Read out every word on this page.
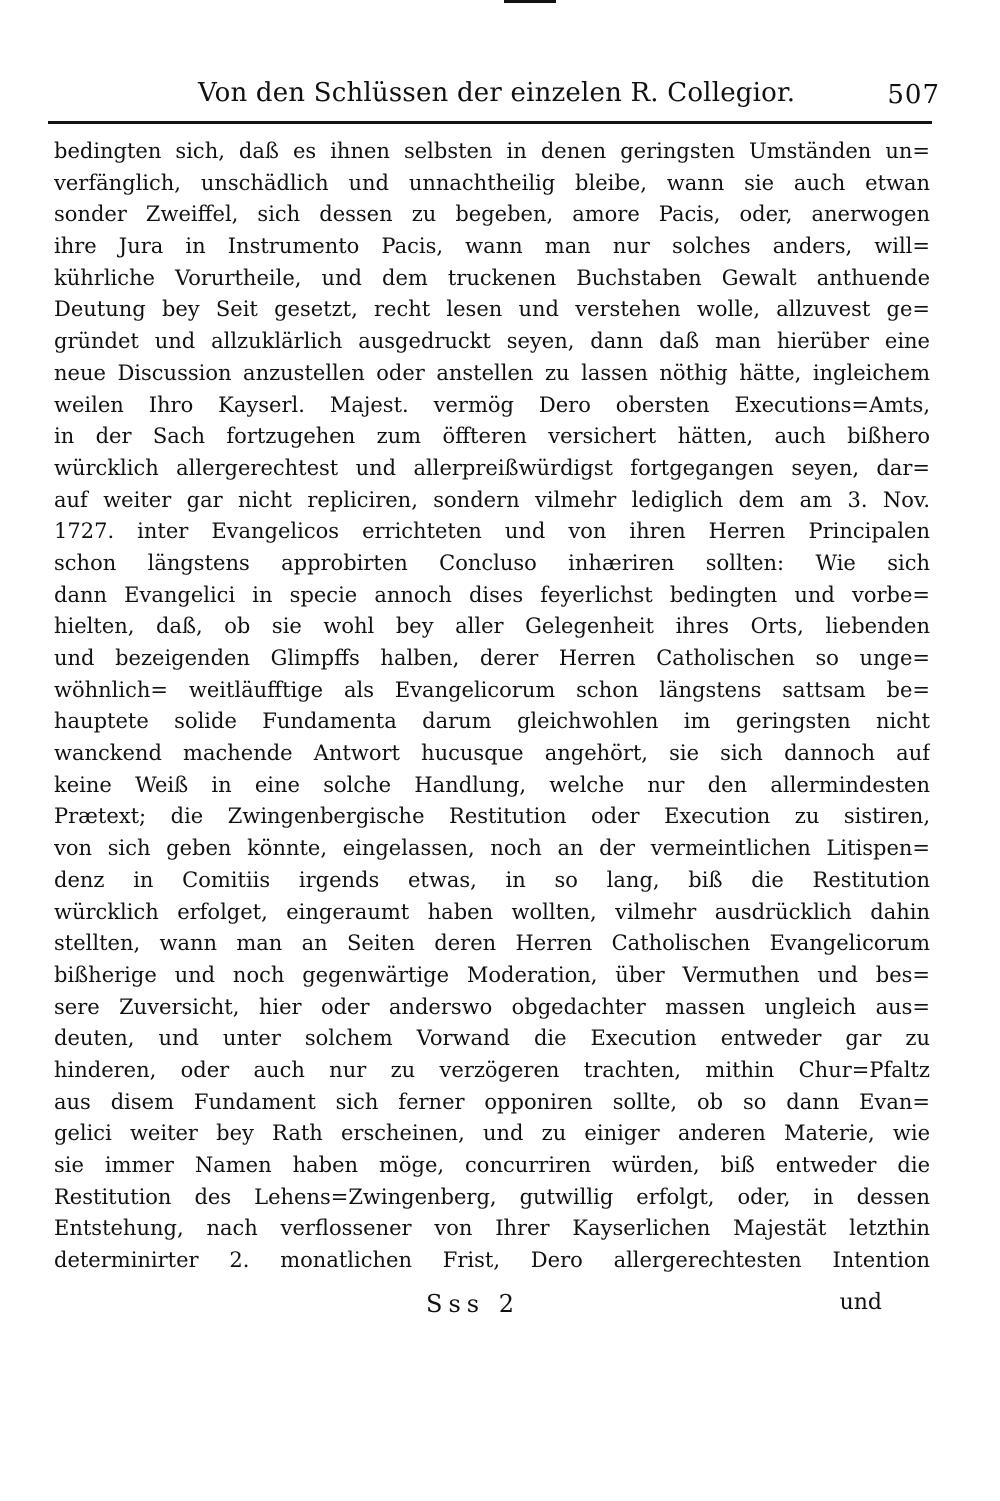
Von den Schlüssen der einzelen R. Collegior.	507
bedingten sich, daß es ihnen selbsten in denen geringsten Umständen un=
verfänglich, unschädlich und unnachtheilig bleibe, wann sie auch etwan
sonder Zweiffel, sich dessen zu begeben, amore Pacis, oder, anerwogen
ihre Jura in Instrumento Pacis, wann man nur solches anders, will=
kührliche Vorurtheile, und dem truckenen Buchstaben Gewalt anthuende
Deutung bey Seit gesetzt, recht lesen und verstehen wolle, allzuvest ge=
gründet und allzuklärlich ausgedruckt seyen, dann daß man hierüber eine
neue Discussion anzustellen oder anstellen zu lassen nöthig hätte, ingleichem
weilen Ihro Kayserl. Majest. vermög Dero obersten Executions=Amts,
in der Sach fortzugehen zum öffteren versichert hätten, auch bißhero
würcklich allergerechtest und allerpreißwürdigst fortgegangen seyen, dar=
auf weiter gar nicht repliciren, sondern vilmehr lediglich dem am 3. Nov.
1727. inter Evangelicos errichteten und von ihren Herren Principalen
schon längstens approbirten Concluso inhæriren sollten: Wie sich
dann Evangelici in specie annoch dises feyerlichst bedingten und vorbe=
hielten, daß, ob sie wohl bey aller Gelegenheit ihres Orts, liebenden
und bezeigenden Glimpffs halben, derer Herren Catholischen so unge=
wöhnlich= weitläufftige als Evangelicorum schon längstens sattsam be=
hauptete solide Fundamenta darum gleichwohlen im geringsten nicht
wanckend machende Antwort hucusque angehört, sie sich dannoch auf
keine Weiß in eine solche Handlung, welche nur den allermindesten
Prætext; die Zwingenbergische Restitution oder Execution zu sistiren,
von sich geben könnte, eingelassen, noch an der vermeintlichen Litispen=
denz in Comitiis irgends etwas, in so lang, biß die Restitution
würcklich erfolget, eingeraumt haben wollten, vilmehr ausdrücklich dahin
stellten, wann man an Seiten deren Herren Catholischen Evangelicorum
bißherige und noch gegenwärtige Moderation, über Vermuthen und bes=
sere Zuversicht, hier oder anderswo obgedachter massen ungleich aus=
deuten, und unter solchem Vorwand die Execution entweder gar zu
hinderen, oder auch nur zu verzögeren trachten, mithin Chur=Pfaltz
aus disem Fundament sich ferner opponiren sollte, ob so dann Evan=
gelici weiter bey Rath erscheinen, und zu einiger anderen Materie, wie
sie immer Namen haben möge, concurriren würden, biß entweder die
Restitution des Lehens=Zwingenberg, gutwillig erfolgt, oder, in dessen
Entstehung, nach verflossener von Ihrer Kayserlichen Majestät letzthin
determinirter 2. monatlichen Frist, Dero allergerechtesten Intention
Sss 2	und
